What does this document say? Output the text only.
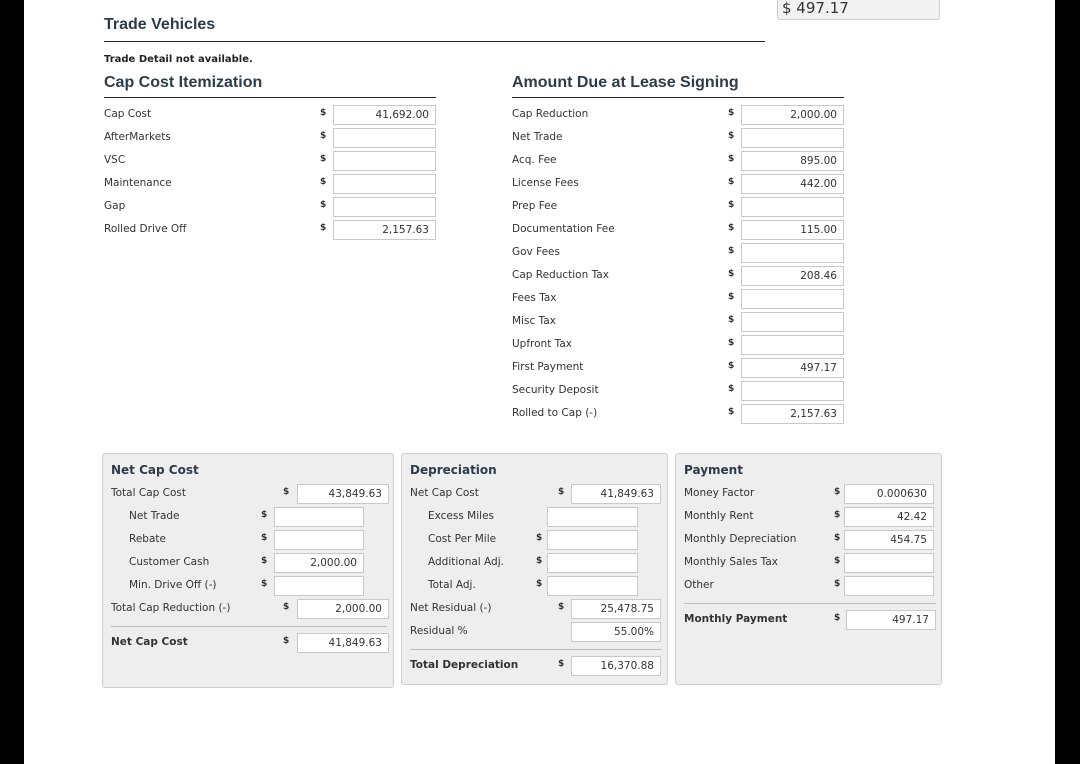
$ 497.17
Trade Vehicles
Trade Detail not available.
Cap Cost Itemization
Cap Cost	$	41,692.00
AfterMarkets	$
VSC	$
Maintenance	$
Gap	$
Rolled Drive Off	$	2,157.63
Amount Due at Lease Signing
Cap Reduction	$	2,000.00
Net Trade	$
Acq. Fee	$	895.00
License Fees	$	442.00
Prep Fee	$
Documentation Fee	$	115.00
Gov Fees	$
Cap Reduction Tax	$	208.46
Fees Tax	$
Misc Tax	$
Upfront Tax	$
First Payment	$	497.17
Security Deposit	$
Rolled to Cap (-)	$	2,157.63
Net Cap Cost
Total Cap Cost	$	43,849.63
Net Trade	$
Rebate	$
Customer Cash	$	2,000.00
Min. Drive Off (-)	$
Total Cap Reduction (-)	$	2,000.00
Net Cap Cost	$	41,849.63
Depreciation
Net Cap Cost	$	41,849.63
Excess Miles
Cost Per Mile	$
Additional Adj.	$
Total Adj.	$
Net Residual (-)	$	25,478.75
Residual %	55.00%
Total Depreciation	$	16,370.88
Payment
Money Factor	$	0.000630
Monthly Rent	$	42.42
Monthly Depreciation	$	454.75
Monthly Sales Tax	$
Other	$
Monthly Payment	$	497.17
